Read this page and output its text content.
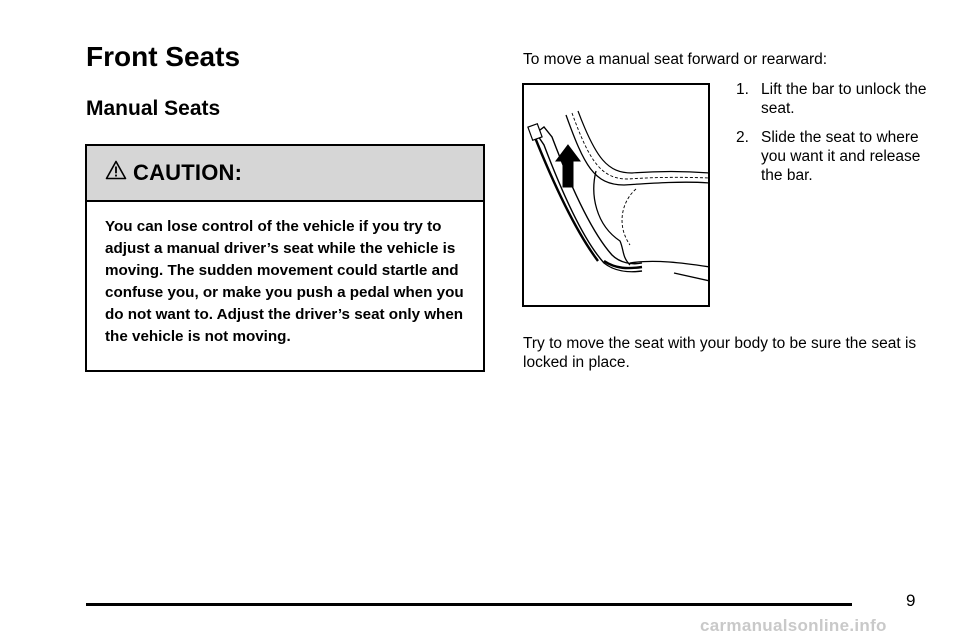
Front Seats
Manual Seats
CAUTION:

You can lose control of the vehicle if you try to adjust a manual driver’s seat while the vehicle is moving. The sudden movement could startle and confuse you, or make you push a pedal when you do not want to. Adjust the driver’s seat only when the vehicle is not moving.

To move a manual seat forward or rearward:

1. Lift the bar to unlock the seat.
2. Slide the seat to where you want it and release the bar.

Try to move the seat with your body to be sure the seat is locked in place.

9
carmanualsonline.info
